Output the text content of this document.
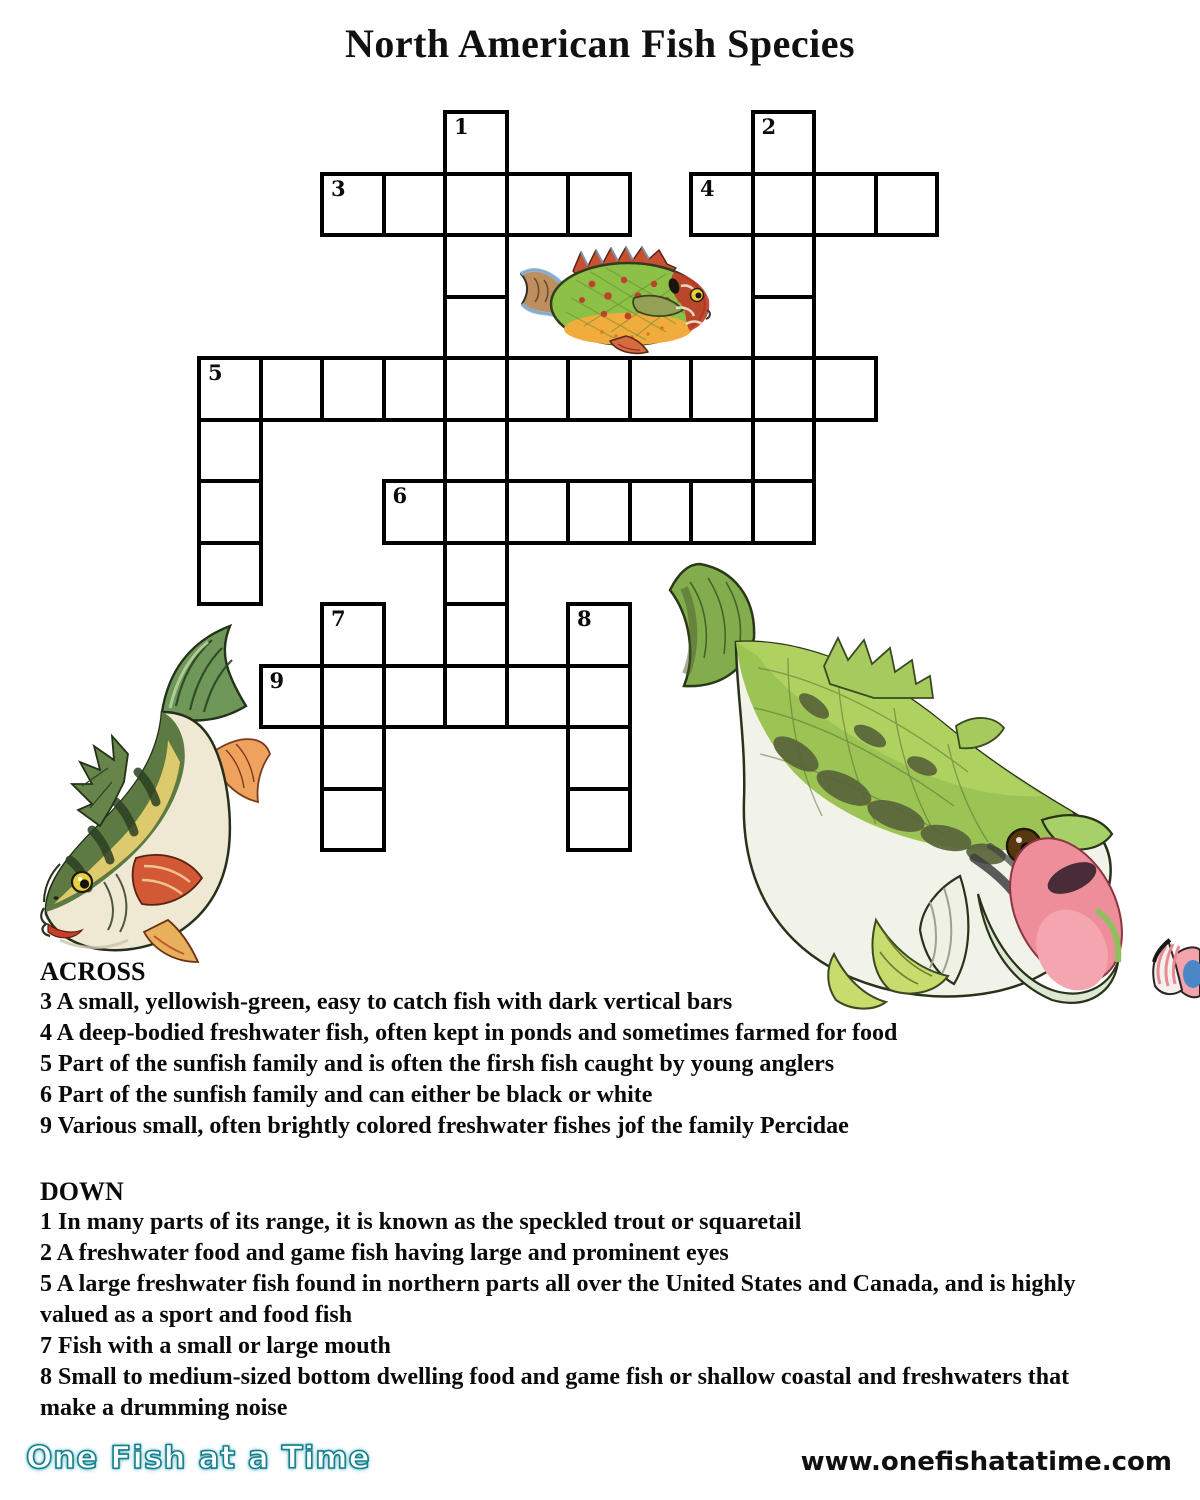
North American Fish Species
1	2
3	4
5
6
7	8
9
ACROSS
3 A small, yellowish-green, easy to catch fish with dark vertical bars
4 A deep-bodied freshwater fish, often kept in ponds and sometimes farmed for food
5 Part of the sunfish family and is often the firsh fish caught by young anglers
6 Part of the sunfish family and can either be black or white
9 Various small, often brightly colored freshwater fishes jof the family Percidae
DOWN
1 In many parts of its range, it is known as the speckled trout or squaretail
2 A freshwater food and game fish having large and prominent eyes
5 A large freshwater fish found in northern parts all over the United States and Canada, and is highly valued as a sport and food fish
7 Fish with a small or large mouth
8 Small to medium-sized bottom dwelling food and game fish or shallow coastal and freshwaters that make a drumming noise
One Fish at a Time	www.onefishatatime.com
